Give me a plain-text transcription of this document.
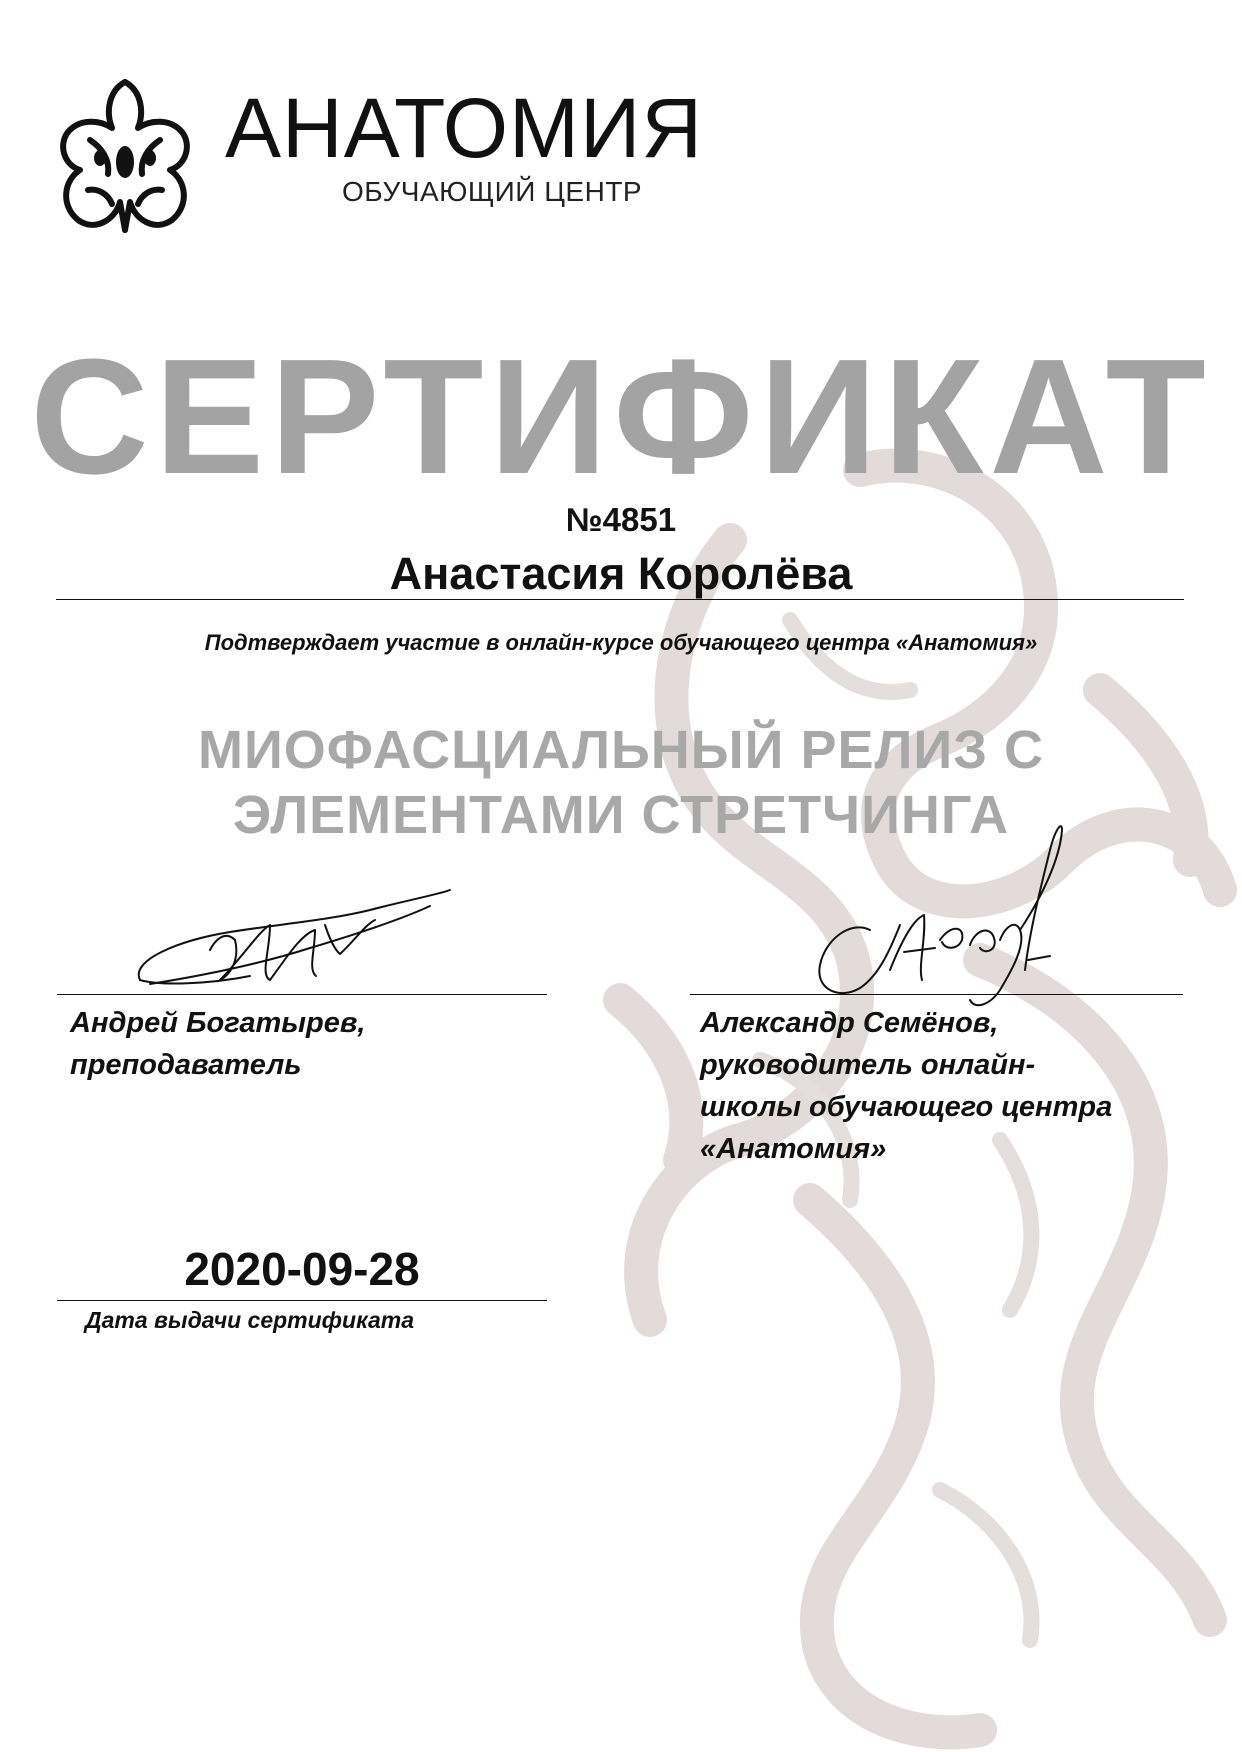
АНАТОМИЯ
ОБУЧАЮЩИЙ ЦЕНТР
СЕРТИФИКАТ
№4851
Анастасия Королёва
Подтверждает участие в онлайн-курсе обучающего центра «Анатомия»
МИОФАСЦИАЛЬНЫЙ РЕЛИЗ С
ЭЛЕМЕНТАМИ СТРЕТЧИНГА
Андрей Богатырев,
преподаватель
Александр Семёнов,
руководитель онлайн-
школы обучающего центра
«Анатомия»
2020-09-28
Дата выдачи сертификата
